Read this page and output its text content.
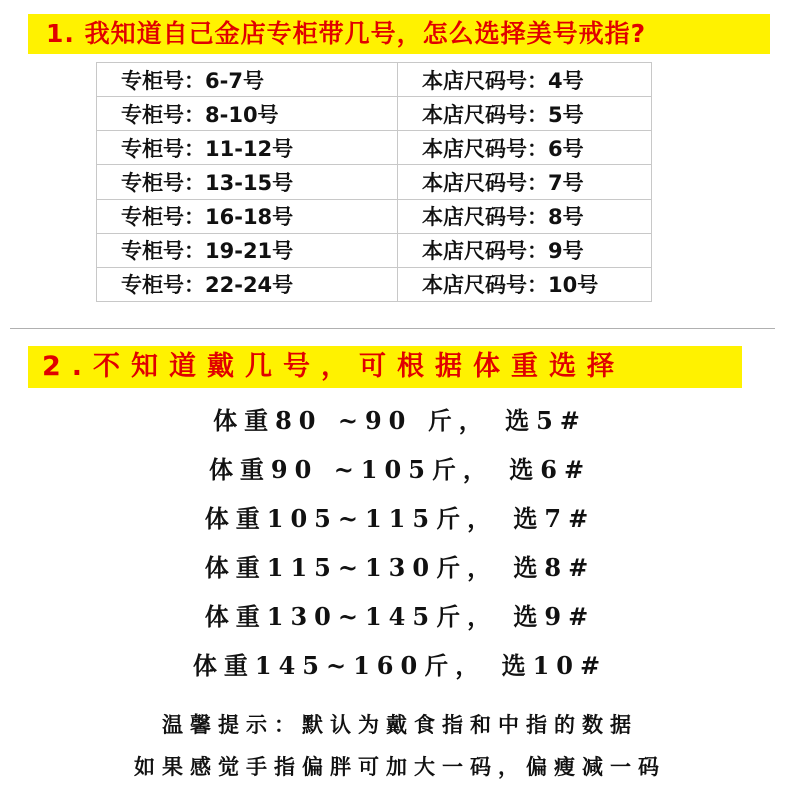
1. 我知道自己金店专柜带几号，怎么选择美号戒指?
专柜号：6-7号	本店尺码号：4号
专柜号：8-10号	本店尺码号：5号
专柜号：11-12号	本店尺码号：6号
专柜号：13-15号	本店尺码号：7号
专柜号：16-18号	本店尺码号：8号
专柜号：19-21号	本店尺码号：9号
专柜号：22-24号	本店尺码号：10号
2.不知道戴几号，可根据体重选择
体重80 ~90 斤， 选5#
体重90 ~105斤， 选6#
体重105~115斤， 选7#
体重115~130斤， 选8#
体重130~145斤， 选9#
体重145~160斤， 选10#
温馨提示：默认为戴食指和中指的数据
如果感觉手指偏胖可加大一码，偏瘦减一码
